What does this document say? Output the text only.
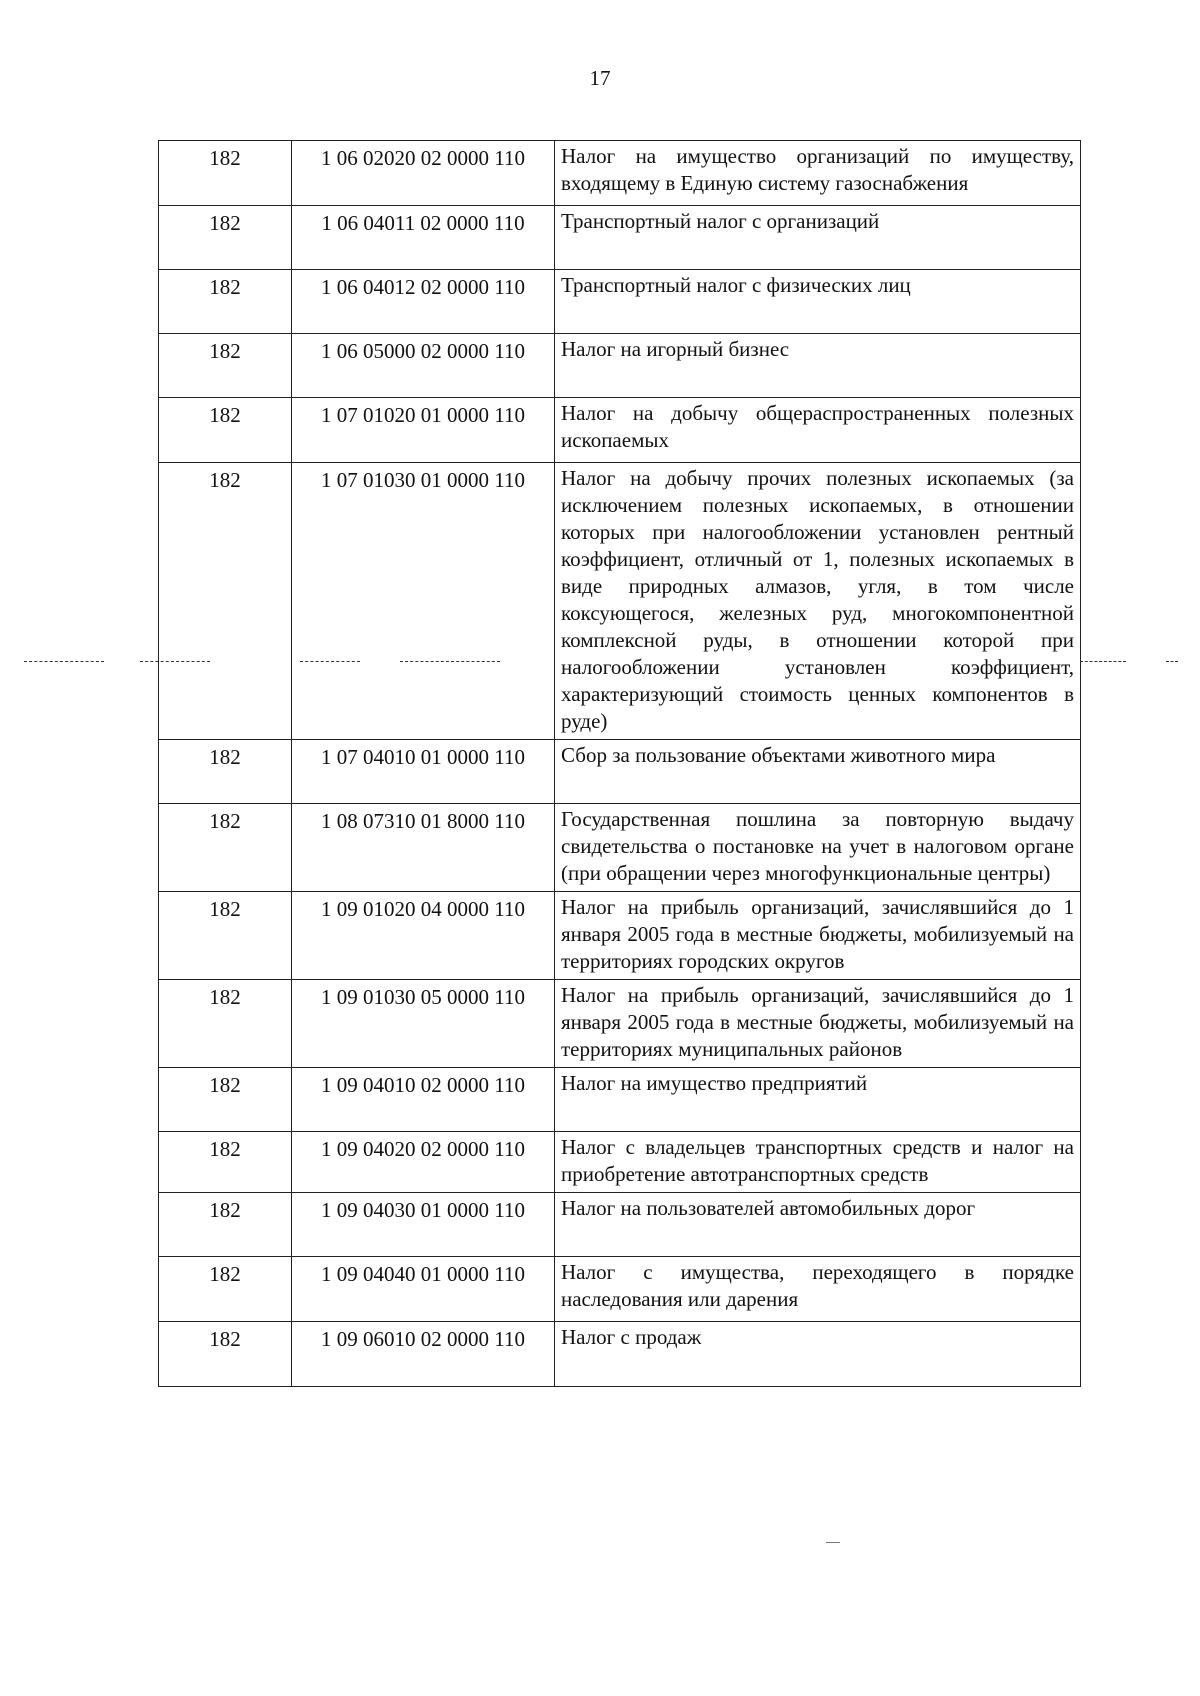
17
182	1 06 02020 02 0000 110	Налог на имущество организаций по имуществу, входящему в Единую систему газоснабжения
182	1 06 04011 02 0000 110	Транспортный налог с организаций
182	1 06 04012 02 0000 110	Транспортный налог с физических лиц
182	1 06 05000 02 0000 110	Налог на игорный бизнес
182	1 07 01020 01 0000 110	Налог на добычу общераспространенных полезных ископаемых
182	1 07 01030 01 0000 110	Налог на добычу прочих полезных ископаемых (за исключением полезных ископаемых, в отношении которых при налогообложении установлен рентный коэффициент, отличный от 1, полезных ископаемых в виде природных алмазов, угля, в том числе коксующегося, железных руд, многокомпонентной комплексной руды, в отношении которой при налогообложении установлен коэффициент, характеризующий стоимость ценных компонентов в руде)
182	1 07 04010 01 0000 110	Сбор за пользование объектами животного мира
182	1 08 07310 01 8000 110	Государственная пошлина за повторную выдачу свидетельства о постановке на учет в налоговом органе (при обращении через многофункциональные центры)
182	1 09 01020 04 0000 110	Налог на прибыль организаций, зачислявшийся до 1 января 2005 года в местные бюджеты, мобилизуемый на территориях городских округов
182	1 09 01030 05 0000 110	Налог на прибыль организаций, зачислявшийся до 1 января 2005 года в местные бюджеты, мобилизуемый на территориях муниципальных районов
182	1 09 04010 02 0000 110	Налог на имущество предприятий
182	1 09 04020 02 0000 110	Налог с владельцев транспортных средств и налог на приобретение автотранспортных средств
182	1 09 04030 01 0000 110	Налог на пользователей автомобильных дорог
182	1 09 04040 01 0000 110	Налог с имущества, переходящего в порядке наследования или дарения
182	1 09 06010 02 0000 110	Налог с продаж
